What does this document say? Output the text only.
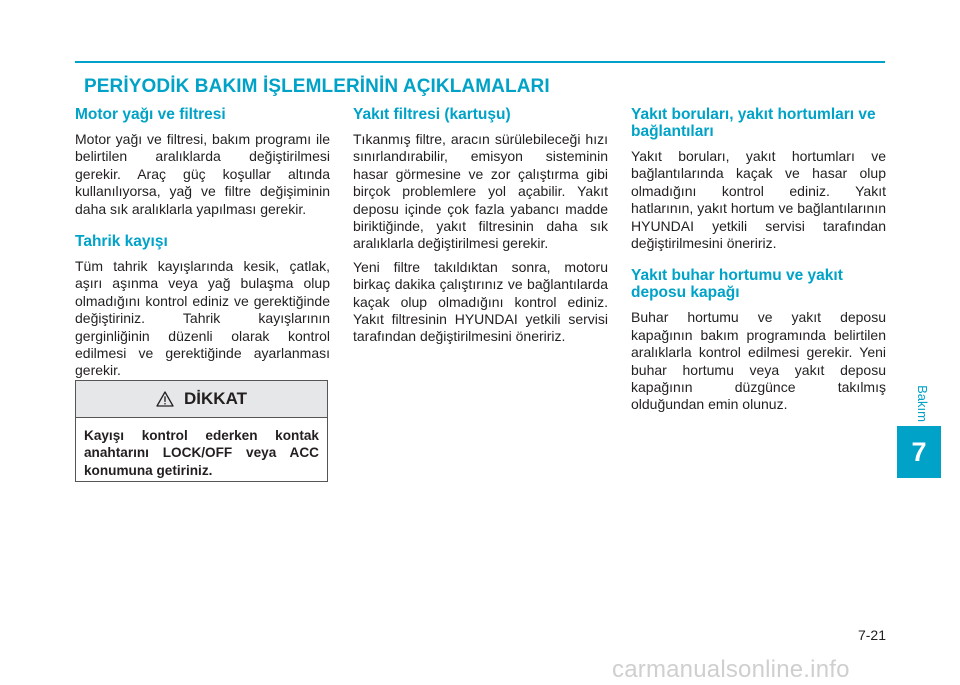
PERİYODİK BAKIM İŞLEMLERİNİN AÇIKLAMALARI
Motor yağı ve filtresi

Motor yağı ve filtresi, bakım programı ile belirtilen aralıklarda değiştirilmesi gerekir. Araç güç koşullar altında kullanılıyorsa, yağ ve filtre değişiminin daha sık aralıklarla yapılması gerekir.

Tahrik kayışı

Tüm tahrik kayışlarında kesik, çatlak, aşırı aşınma veya yağ bulaşma olup olmadığını kontrol ediniz ve gerektiğinde değiştiriniz. Tahrik kayışlarının gerginliğinin düzenli olarak kontrol edilmesi ve gerektiğinde ayarlanması gerekir.

DİKKAT
Kayışı kontrol ederken kontak anahtarını LOCK/OFF veya ACC konumuna getiriniz.
Yakıt filtresi (kartuşu)

Tıkanmış filtre, aracın sürülebileceği hızı sınırlandırabilir, emisyon sisteminin hasar görmesine ve zor çalıştırma gibi birçok problemlere yol açabilir. Yakıt deposu içinde çok fazla yabancı madde biriktiğinde, yakıt filtresinin daha sık aralıklarla değiştirilmesi gerekir.

Yeni filtre takıldıktan sonra, motoru birkaç dakika çalıştırınız ve bağlantılarda kaçak olup olmadığını kontrol ediniz. Yakıt filtresinin HYUNDAI yetkili servisi tarafından değiştirilmesini öneririz.

Yakıt boruları, yakıt hortumları ve bağlantıları

Yakıt boruları, yakıt hortumları ve bağlantılarında kaçak ve hasar olup olmadığını kontrol ediniz. Yakıt hatlarının, yakıt hortum ve bağlantılarının HYUNDAI yetkili servisi tarafından değiştirilmesini öneririz.

Yakıt buhar hortumu ve yakıt deposu kapağı

Buhar hortumu ve yakıt deposu kapağının bakım programında belirtilen aralıklarla kontrol edilmesi gerekir. Yeni buhar hortumu veya yakıt deposu kapağının düzgünce takılmış olduğundan emin olunuz.	Bakım
7
7-21
carmanualsonline.info
